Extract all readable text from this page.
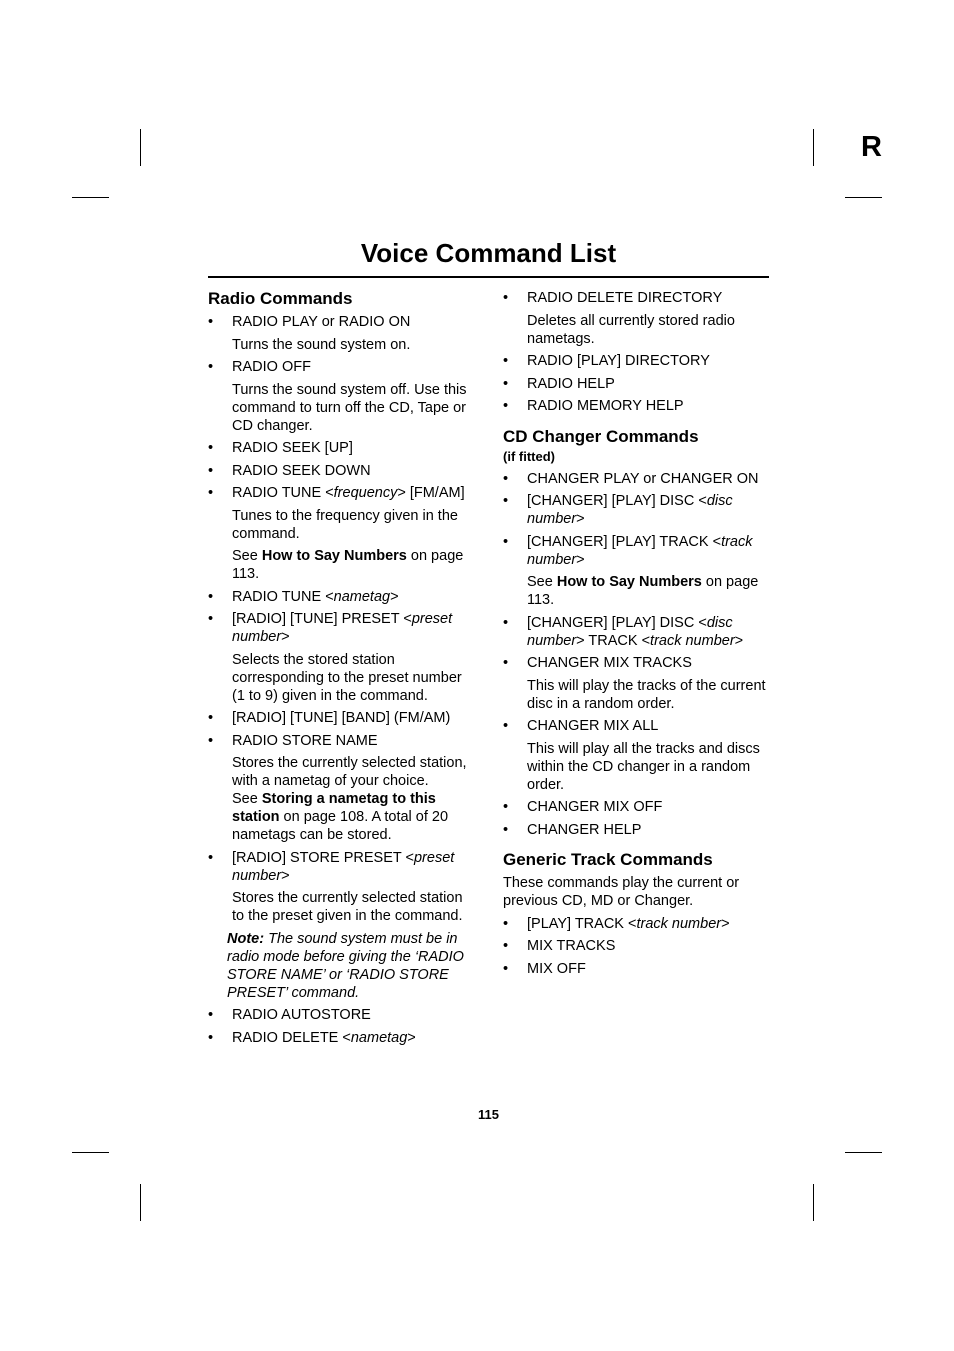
R
Voice Command List
Radio Commands
• RADIO PLAY or RADIO ON

Turns the sound system on.

• RADIO OFF

Turns the sound system off. Use this command to turn off the CD, Tape or CD changer.

• RADIO SEEK [UP]
• RADIO SEEK DOWN
• RADIO TUNE <frequency> [FM/AM]

Tunes to the frequency given in the command.

See How to Say Numbers on page 113.

• RADIO TUNE <nametag>
• [RADIO] [TUNE] PRESET <preset number>

Selects the stored station corresponding to the preset number (1 to 9) given in the command.

• [RADIO] [TUNE] [BAND] (FM/AM)
• RADIO STORE NAME

Stores the currently selected station, with a nametag of your choice.
See Storing a nametag to this station on page 108. A total of 20 nametags can be stored.

• [RADIO] STORE PRESET <preset number>

Stores the currently selected station to the preset given in the command.

Note: The sound system must be in radio mode before giving the ‘RADIO STORE NAME’ or ‘RADIO STORE PRESET’ command.

• RADIO AUTOSTORE
• RADIO DELETE <nametag>
• RADIO DELETE DIRECTORY

Deletes all currently stored radio nametags.

• RADIO [PLAY] DIRECTORY
• RADIO HELP
• RADIO MEMORY HELP
CD Changer Commands
(if fitted)
• CHANGER PLAY or CHANGER ON
• [CHANGER] [PLAY] DISC <disc number>
• [CHANGER] [PLAY] TRACK <track number>

See How to Say Numbers on page 113.

• [CHANGER] [PLAY] DISC <disc number> TRACK <track number>
• CHANGER MIX TRACKS

This will play the tracks of the current disc in a random order.

• CHANGER MIX ALL

This will play all the tracks and discs within the CD changer in a random order.

• CHANGER MIX OFF
• CHANGER HELP
Generic Track Commands

These commands play the current or previous CD, MD or Changer.

• [PLAY] TRACK <track number>
• MIX TRACKS
• MIX OFF
115
